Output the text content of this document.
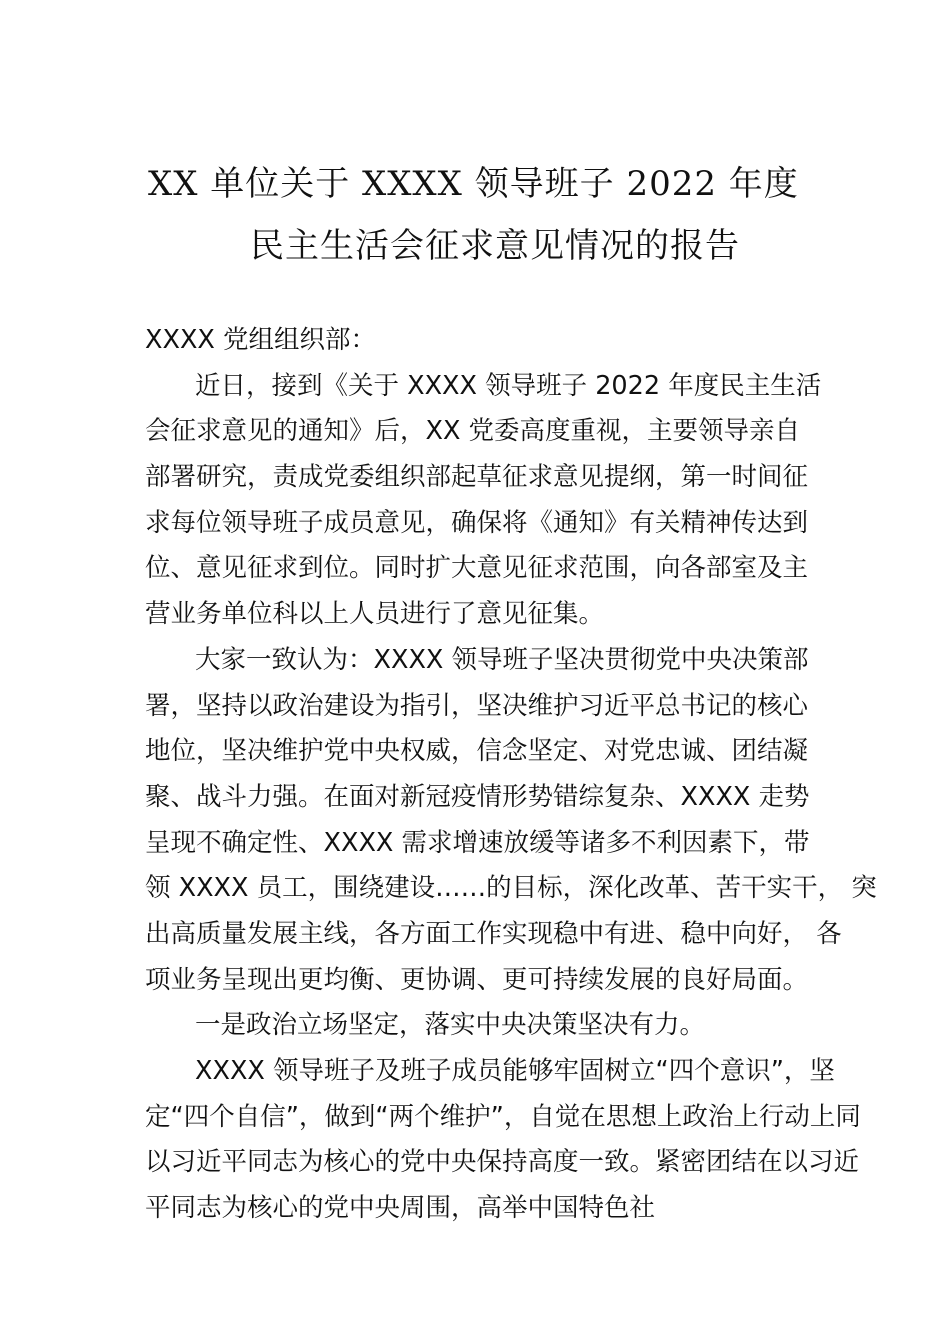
XX 单位关于 XXXX 领导班子 2022 年度
民主生活会征求意见情况的报告
XXXX 党组组织部：
近日，接到《关于 XXXX 领导班子 2022 年度民主生活
会征求意见的通知》后，XX 党委高度重视，主要领导亲自
部署研究，责成党委组织部起草征求意见提纲，第一时间征
求每位领导班子成员意见，确保将《通知》有关精神传达到
位、意见征求到位。同时扩大意见征求范围，向各部室及主
营业务单位科以上人员进行了意见征集。
大家一致认为：XXXX 领导班子坚决贯彻党中央决策部
署，坚持以政治建设为指引，坚决维护习近平总书记的核心
地位，坚决维护党中央权威，信念坚定、对党忠诚、团结凝
聚、战斗力强。在面对新冠疫情形势错综复杂、XXXX 走势
呈现不确定性、XXXX 需求增速放缓等诸多不利因素下，带
领 XXXX 员工，围绕建设……的目标，深化改革、苦干实干， 突
出高质量发展主线，各方面工作实现稳中有进、稳中向好， 各
项业务呈现出更均衡、更协调、更可持续发展的良好局面。
一是政治立场坚定，落实中央决策坚决有力。
XXXX 领导班子及班子成员能够牢固树立“四个意识”，坚
定“四个自信”，做到“两个维护”，自觉在思想上政治上行动上同
以习近平同志为核心的党中央保持高度一致。紧密团结在以习近
平同志为核心的党中央周围，高举中国特色社
